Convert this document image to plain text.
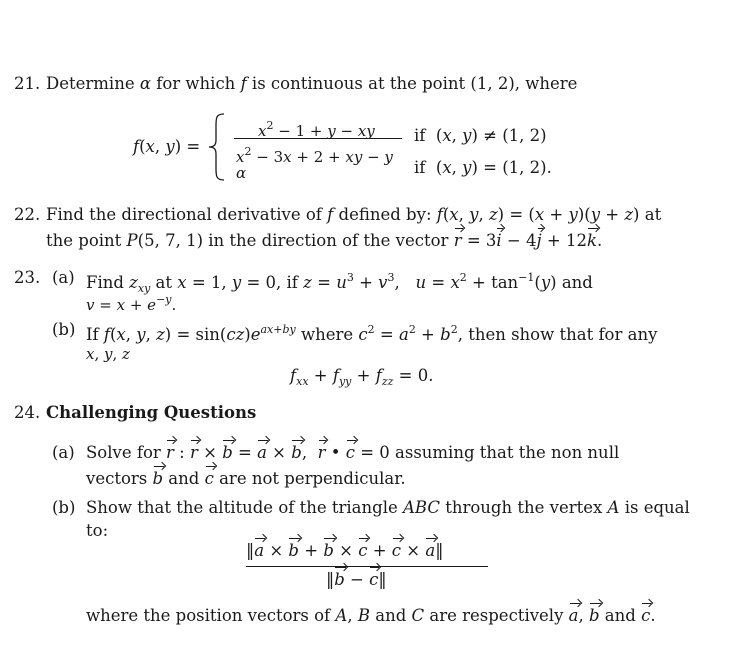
21. Determine α for which f is continuous at the point (1, 2), where
f(x, y) =
$x^2 - 1 + y$ − xy
$x^2 - 3x + 2$ + xy − y
α
if  (x, y) ≠ (1, 2)
if  (x, y) = (1, 2).
22. Find the directional derivative of f defined by: f(x, y, z) = (x + y)(y + z) at
the point P(5, 7, 1) in the direction of the vector r = 3i − 4j + 12k.
23. (a) Find $z_{xy}$ at x = 1, y = 0, if $z = u^3 + v^3$,   $u = x^2 + \tan^{-1}(y)$ and
$v = x + e^{-y}$.
(b) If f(x, y, $z) = \sin(cz)e^{ax+by}$ where $c^2 = a^2 + b^2$, then show that for any
x, y, z
$f_{xx} + f_{yy} + f_{zz} = 0$.
24. Challenging Questions
(a) Solve for r : r × b = a × b,  r • c = 0 assuming that the non null
vectors b and c are not perpendicular.
(b) Show that the altitude of the triangle ABC through the vertex A is equal
to:
‖a × b + b × c + c × a‖
‖b − c‖
where the position vectors of A, B and C are respectively a, b and c.
